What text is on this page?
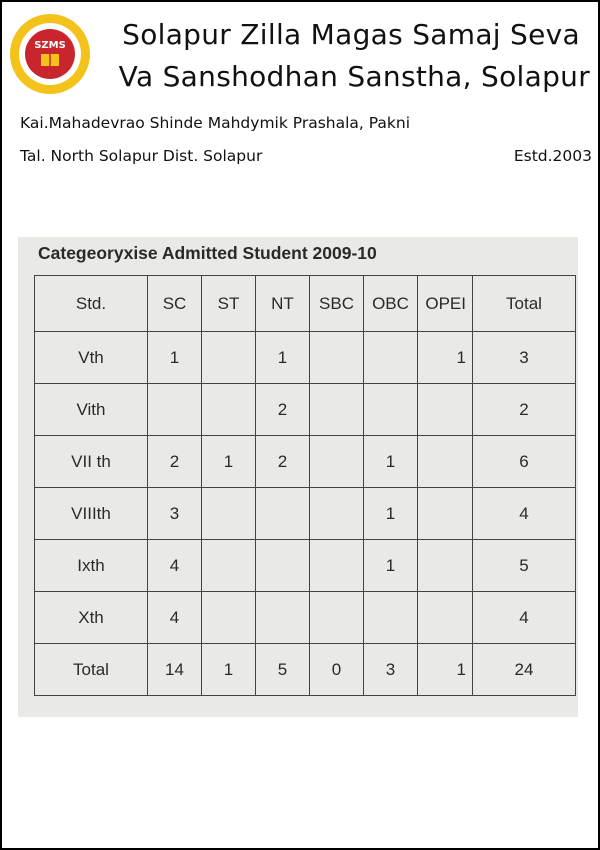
SZMS Solapur Zilla Magas Samaj Seva
Va Sanshodhan Sanstha, Solapur
Kai.Mahadevrao Shinde Mahdymik Prashala, Pakni
Tal. North Solapur Dist. Solapur	Estd.2003
Categeoryxise Admitted Student 2009-10
Std.	SC	ST	NT	SBC	OBC	OPEI	Total
Vth	1		1			1	3
Vith			2				2
VII th	2	1	2		1		6
VIIIth	3				1		4
Ixth	4				1		5
Xth	4						4
Total	14	1	5	0	3	1	24
